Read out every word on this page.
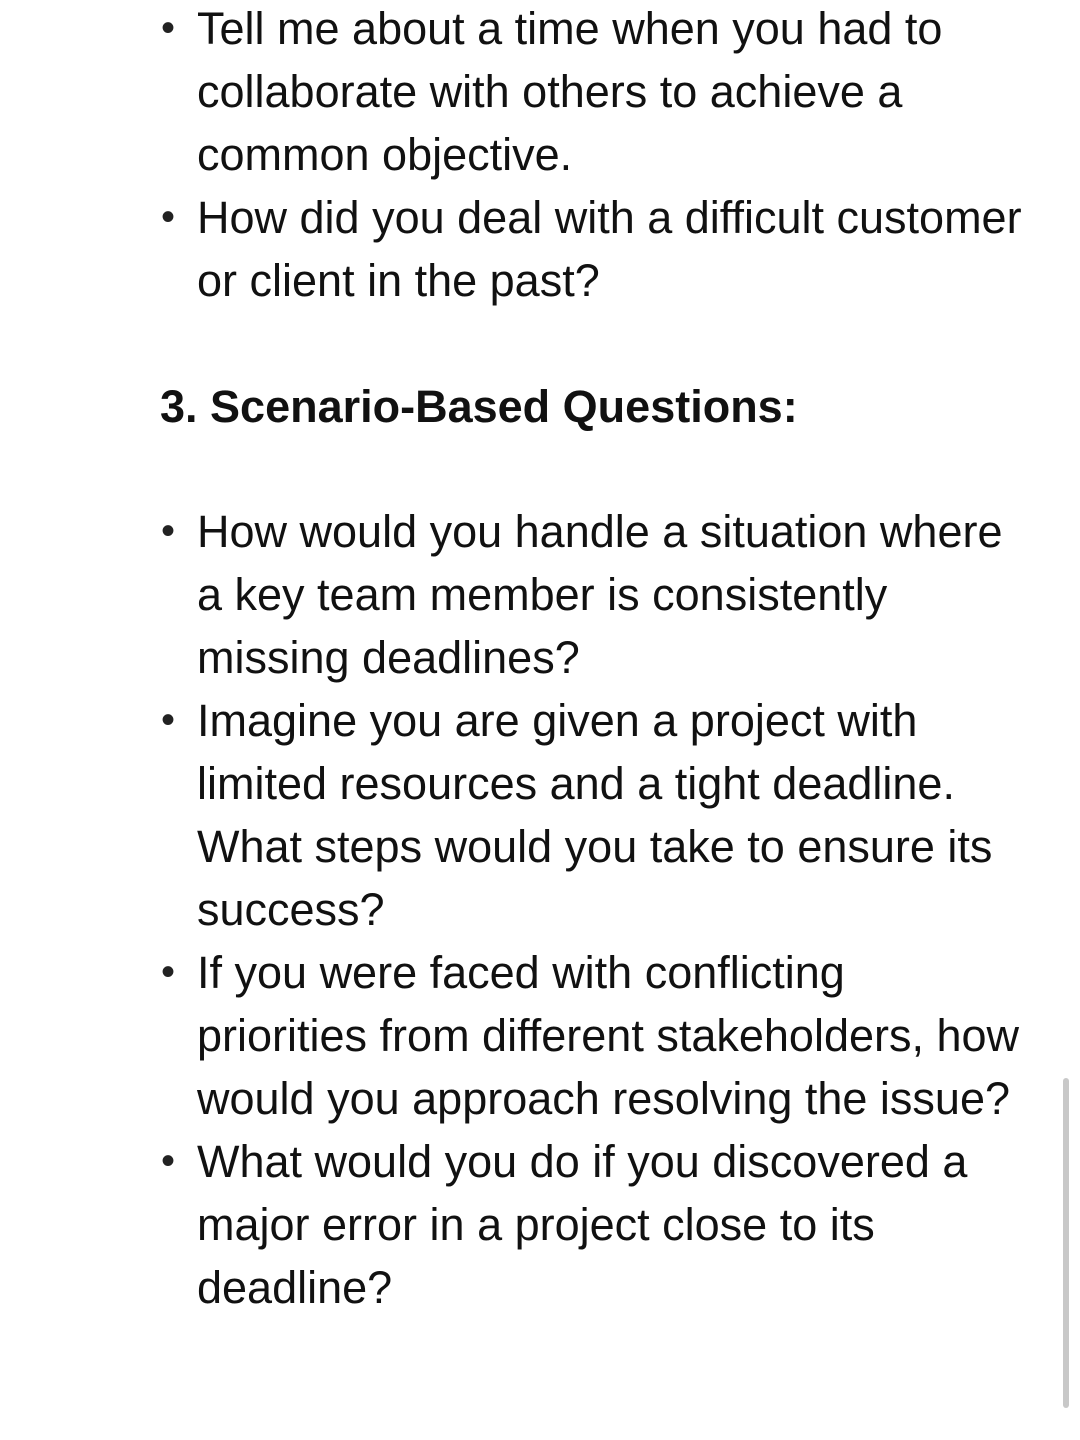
• Tell me about a time when you had to collaborate with others to achieve a common objective.
• How did you deal with a difficult customer or client in the past?
3. Scenario-Based Questions:
• How would you handle a situation where a key team member is consistently missing deadlines?
• Imagine you are given a project with limited resources and a tight deadline. What steps would you take to ensure its success?
• If you were faced with conflicting priorities from different stakeholders, how would you approach resolving the issue?
• What would you do if you discovered a major error in a project close to its deadline?
